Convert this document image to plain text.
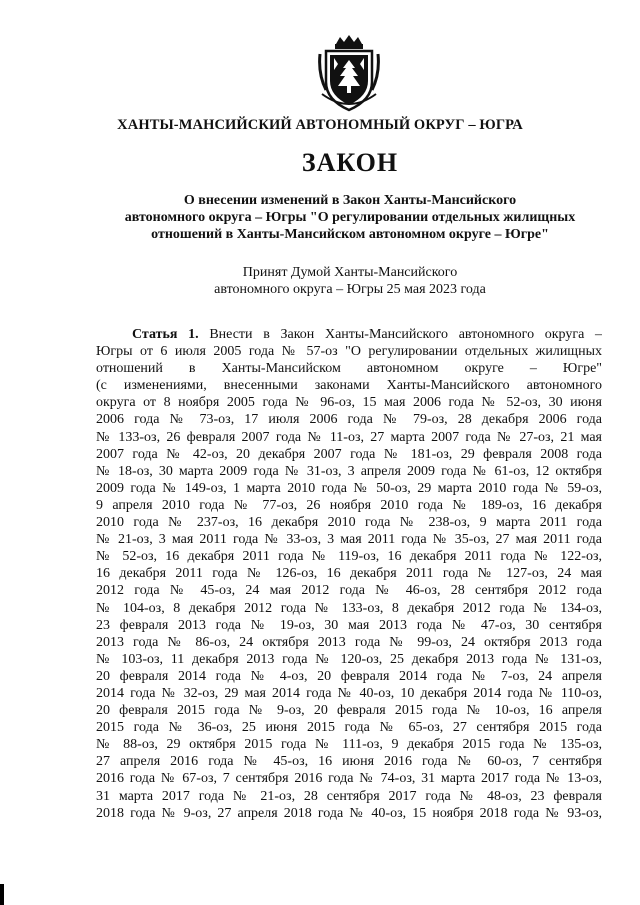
ХАНТЫ-МАНСИЙСКИЙ АВТОНОМНЫЙ ОКРУГ – ЮГРА
ЗАКОН
О внесении изменений в Закон Ханты-Мансийского
автономного округа – Югры "О регулировании отдельных жилищных
отношений в Ханты-Мансийском автономном округе – Югре"
Принят Думой Ханты-Мансийского
автономного округа – Югры 25 мая 2023 года
Статья 1. Внести в Закон Ханты-Мансийского автономного округа –
Югры от 6 июля 2005 года № 57-оз "О регулировании отдельных жилищных
отношений в Ханты-Мансийском автономном округе – Югре"
(с изменениями, внесенными законами Ханты-Мансийского автономного
округа от 8 ноября 2005 года № 96-оз, 15 мая 2006 года № 52-оз, 30 июня
2006 года № 73-оз, 17 июля 2006 года № 79-оз, 28 декабря 2006 года
№ 133-оз, 26 февраля 2007 года № 11-оз, 27 марта 2007 года № 27-оз, 21 мая
2007 года № 42-оз, 20 декабря 2007 года № 181-оз, 29 февраля 2008 года
№ 18-оз, 30 марта 2009 года № 31-оз, 3 апреля 2009 года № 61-оз, 12 октября
2009 года № 149-оз, 1 марта 2010 года № 50-оз, 29 марта 2010 года № 59-оз,
9 апреля 2010 года № 77-оз, 26 ноября 2010 года № 189-оз, 16 декабря
2010 года № 237-оз, 16 декабря 2010 года № 238-оз, 9 марта 2011 года
№ 21-оз, 3 мая 2011 года № 33-оз, 3 мая 2011 года № 35-оз, 27 мая 2011 года
№ 52-оз, 16 декабря 2011 года № 119-оз, 16 декабря 2011 года № 122-оз,
16 декабря 2011 года № 126-оз, 16 декабря 2011 года № 127-оз, 24 мая
2012 года № 45-оз, 24 мая 2012 года № 46-оз, 28 сентября 2012 года
№ 104-оз, 8 декабря 2012 года № 133-оз, 8 декабря 2012 года № 134-оз,
23 февраля 2013 года № 19-оз, 30 мая 2013 года № 47-оз, 30 сентября
2013 года № 86-оз, 24 октября 2013 года № 99-оз, 24 октября 2013 года
№ 103-оз, 11 декабря 2013 года № 120-оз, 25 декабря 2013 года № 131-оз,
20 февраля 2014 года № 4-оз, 20 февраля 2014 года № 7-оз, 24 апреля
2014 года № 32-оз, 29 мая 2014 года № 40-оз, 10 декабря 2014 года № 110-оз,
20 февраля 2015 года № 9-оз, 20 февраля 2015 года № 10-оз, 16 апреля
2015 года № 36-оз, 25 июня 2015 года № 65-оз, 27 сентября 2015 года
№ 88-оз, 29 октября 2015 года № 111-оз, 9 декабря 2015 года № 135-оз,
27 апреля 2016 года № 45-оз, 16 июня 2016 года № 60-оз, 7 сентября
2016 года № 67-оз, 7 сентября 2016 года № 74-оз, 31 марта 2017 года № 13-оз,
31 марта 2017 года № 21-оз, 28 сентября 2017 года № 48-оз, 23 февраля
2018 года № 9-оз, 27 апреля 2018 года № 40-оз, 15 ноября 2018 года № 93-оз,
